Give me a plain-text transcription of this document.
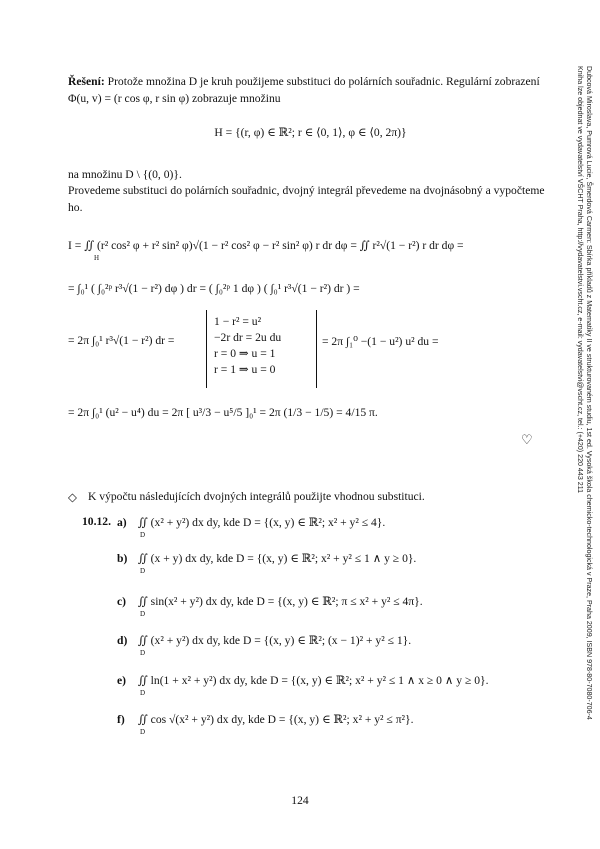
Řešení: Protože množina D je kruh použijeme substituci do polárních souřadnic. Regulární zobrazení Φ(u, v) = (r cos φ, r sin φ) zobrazuje množinu
H = {(r, φ) ∈ ℝ²; r ∈ ⟨0, 1⟩, φ ∈ ⟨0, 2π)}
na množinu D \ {(0, 0)}.
Provedeme substituci do polárních souřadnic, dvojný integrál převedeme na dvojnásobný a vypočteme ho.
I = ∬ (r² cos² φ + r² sin² φ)√(1 − r² cos² φ − r² sin² φ) r dr dφ = ∬ r²√(1 − r²) r dr dφ =
H
= ∫₀¹ ( ∫₀²ᵖ r³√(1 − r²) dφ ) dr = ( ∫₀²ᵖ 1 dφ ) ( ∫₀¹ r³√(1 − r²) dr ) =
= 2π ∫₀¹ r³√(1 − r²) dr =
1 − r² = u²
−2r dr = 2u du
r = 0 ⇒ u = 1
r = 1 ⇒ u = 0
= 2π ∫₁⁰ −(1 − u²) u² du =
= 2π ∫₀¹ (u² − u⁴) du = 2π [ u³/3 − u⁵/5 ]₀¹ = 2π (1/3 − 1/5) = 4/15 π.
♡
◇ K výpočtu následujících dvojných integrálů použijte vhodnou substituci.
10.12. a) ∬ (x² + y²) dx dy, kde D = {(x, y) ∈ ℝ²; x² + y² ≤ 4}.
b) ∬ (x + y) dx dy, kde D = {(x, y) ∈ ℝ²; x² + y² ≤ 1 ∧ y ≥ 0}.
c) ∬ sin(x² + y²) dx dy, kde D = {(x, y) ∈ ℝ²; π ≤ x² + y² ≤ 4π}.
d) ∬ (x² + y²) dx dy, kde D = {(x, y) ∈ ℝ²; (x − 1)² + y² ≤ 1}.
e) ∬ ln(1 + x² + y²) dx dy, kde D = {(x, y) ∈ ℝ²; x² + y² ≤ 1 ∧ x ≥ 0 ∧ y ≥ 0}.
f) ∬ cos √(x² + y²) dx dy, kde D = {(x, y) ∈ ℝ²; x² + y² ≤ π²}.
D
D
D
D
D
D
124
Dubcová Miroslava, Pumrová Lucie, Šmerdová Carmen: Sbírka příkladů z Matematiky II ve strukturovaném studiu, 1st ed. Vysoká škola chemicko-technologická v Praze, Praha 2009, ISBN 978-80-7080-706-4
Kniha lze objednat ve vydavatelství VŠCHT Praha, http://vydavatelstvi.vscht.cz, e-mail: vydavatelstvi@vscht.cz, tel.: (+420) 220 443 211
